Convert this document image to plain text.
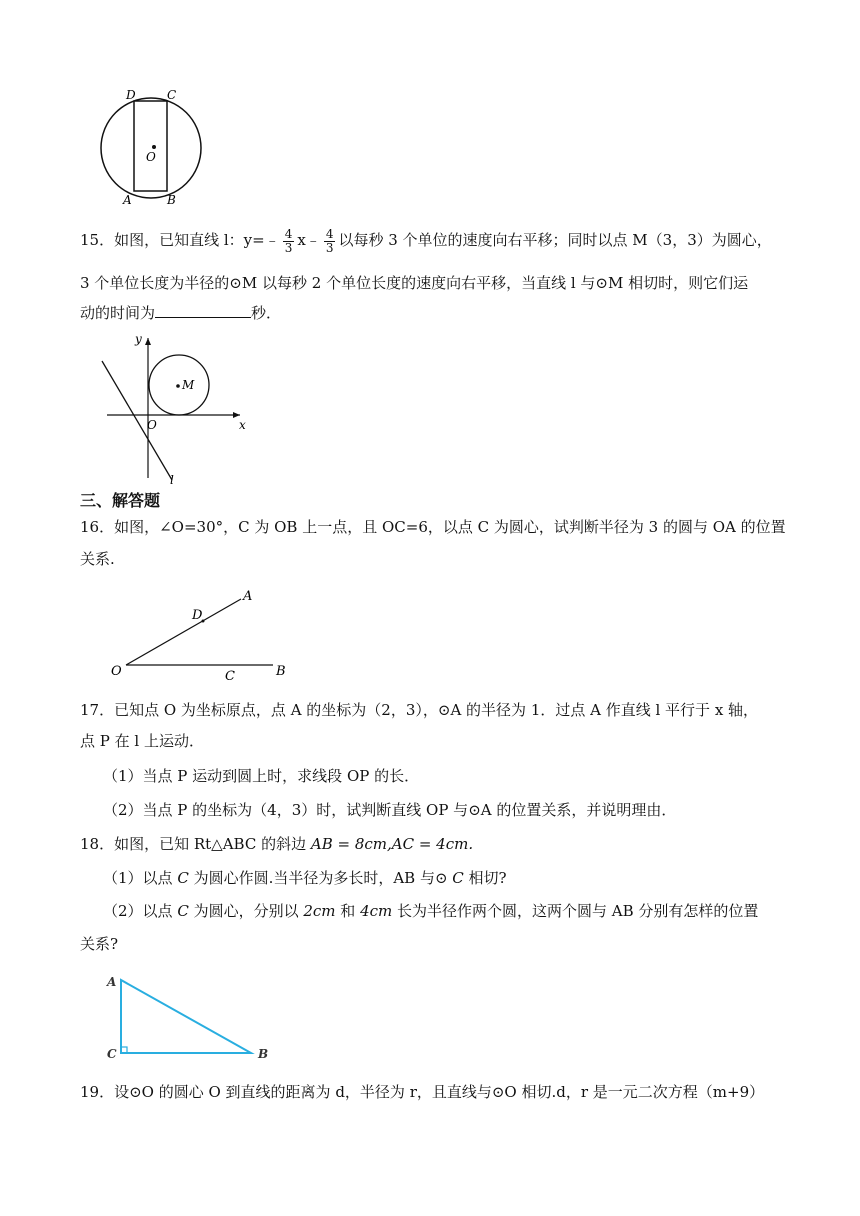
D	C
O
A	B
15．如图，已知直线 l：y=﹣ $\frac{4}{3}$ x﹣ $\frac{4}{3}$ 以每秒 3 个单位的速度向右平移；同时以点 M（3，3）为圆心，
3 个单位长度为半径的⊙M 以每秒 2 个单位长度的速度向右平移，当直线 l 与⊙M 相切时，则它们运
动的时间为	秒．
y
x
O
M
l
三、解答题
16．如图，∠O=30°，C 为 OB 上一点，且 OC=6，以点 C 为圆心，试判断半径为 3 的圆与 OA 的位置
关系.
O
D
A
C	B
17．已知点 O 为坐标原点，点 A 的坐标为（2，3），⊙A 的半径为 1．过点 A 作直线 l 平行于 x 轴，
点 P 在 l 上运动．
（1）当点 P 运动到圆上时，求线段 OP 的长．
（2）当点 P 的坐标为（4，3）时，试判断直线 OP 与⊙A 的位置关系，并说明理由．
18．如图，已知 Rt△ABC 的斜边 AB = 8cm,AC = 4cm.
（1）以点 C 为圆心作圆.当半径为多长时，AB 与⊙ C 相切?
（2）以点 C 为圆心，分别以 2cm 和 4cm 长为半径作两个圆，这两个圆与 AB 分别有怎样的位置
关系?
A
C	B
19．设⊙O 的圆心 O 到直线的距离为 d，半径为 r，且直线与⊙O 相切.d，r 是一元二次方程（m+9）
